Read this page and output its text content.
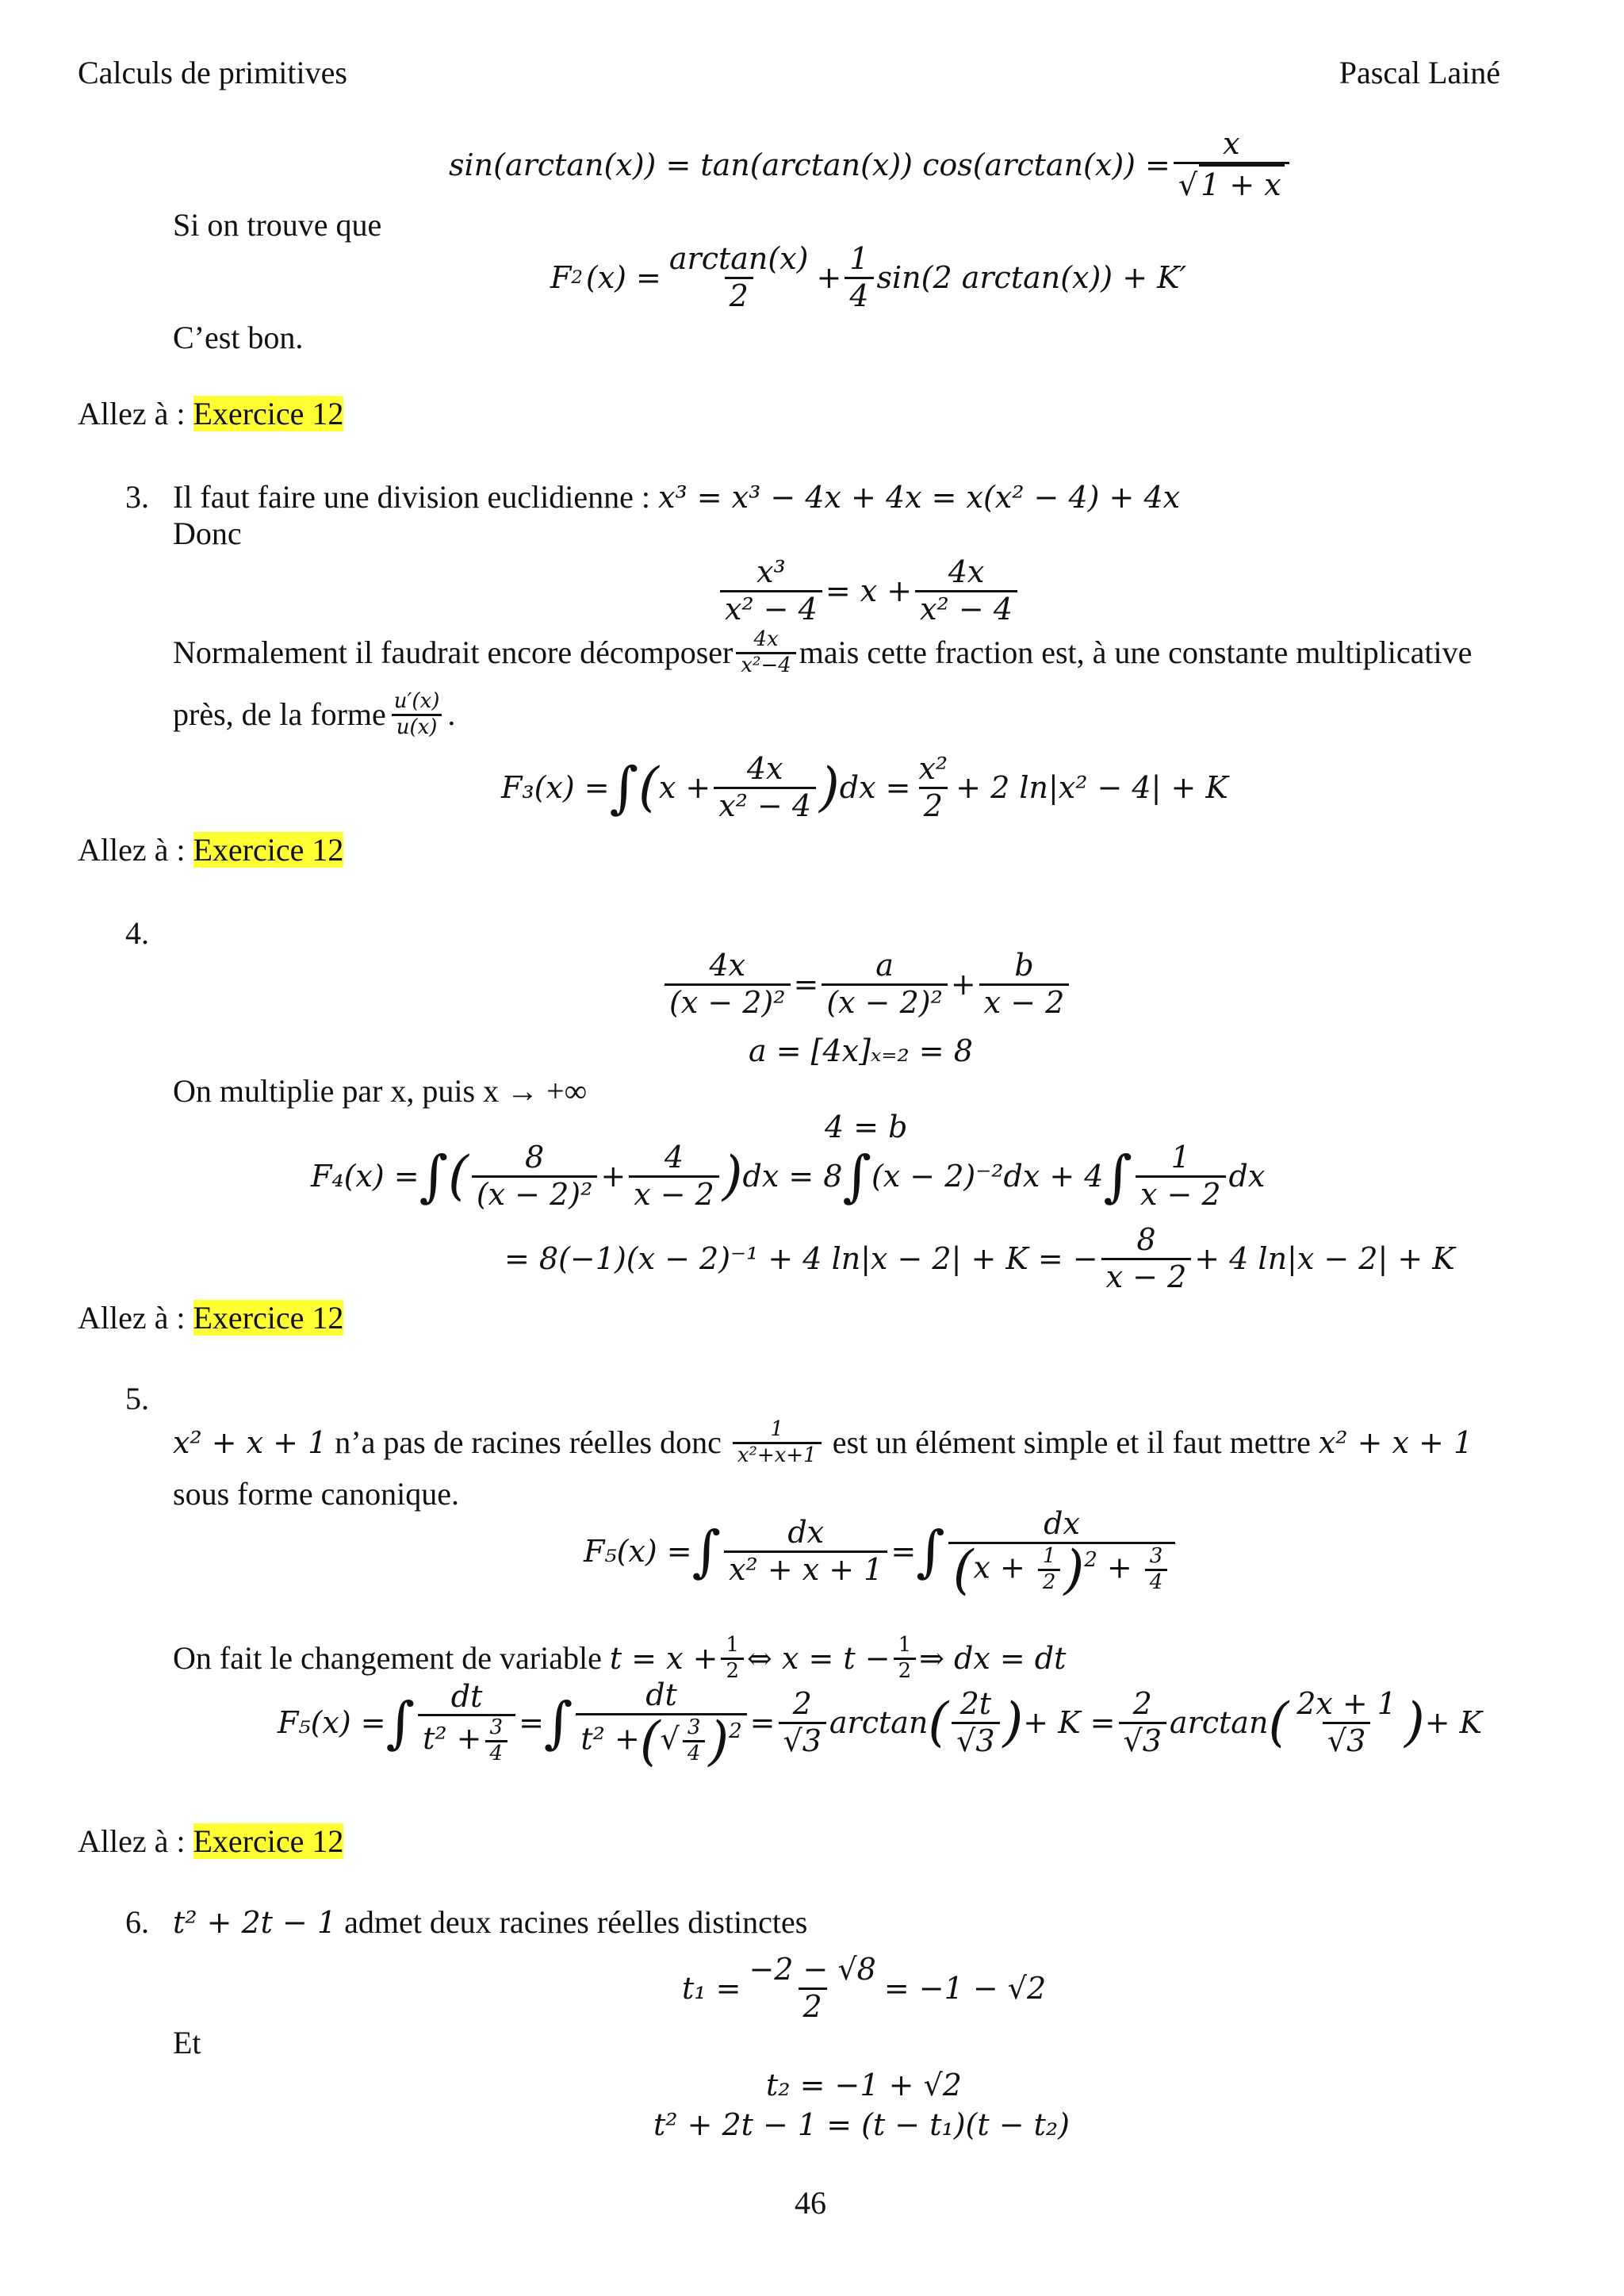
Calculs de primitives	Pascal Lainé
sin(arctan(x)) = tan(arctan(x)) $\cos(\arctan(x)) = \frac{x}{√ 1 + x}$
Si on trouve que
F 2 $(x) = \frac{\arctan(x)}{2} + \frac{1}{4} \sin(2$ arctan(x)) + K′
C’est bon.
Allez à : Exercice 12
3. Il faut faire une division euclidienne : x³ = x³ − 4x + 4x = x(x² − 4) + 4x
Donc
$\frac{\text{x³}}{\text{x² − 4}} = x + \frac{4x}{\text{x² − 4}}$
Normalement il faudrait encore décomposer $\frac{4x}{\text{x²−4}}$ mais cette fraction est, à une constante multiplicative
près, de la forme $\frac{u'(x)}{u(x)}$ .
F₃(x) = ∫ ( $x + \frac{4x}{\text{x² − 4}}$ ) dx = $\frac{\text{x²}}{2} + 2$ ln|x² − 4| + K
Allez à : Exercice 12
4.
$\frac{4x}{\text{(x − 2)²}} = \frac{a}{\text{(x − 2)²}} + \frac{b}{x - 2}$
a = [4x]ₓ₌₂ = 8
On multiplie par x, puis x → +∞
4 = b
F₄(x) = ∫ ( $\frac{8}{\text{(x − 2)²}} + \frac{4}{x - 2}$ ) dx = 8 ∫ (x − 2)⁻²dx + 4 ∫ $\frac{1}{x - 2}$ dx
= 8(−1)(x − 2)⁻¹ + 4 ln|x − 2| + K = − $\frac{8}{x - 2} + 4$ ln|x − 2| + K
Allez à : Exercice 12
5.
x² + x + 1 n’a pas de racines réelles donc $\frac{1}{\text{x²+x+1}}$ est un élément simple et il faut mettre x² + x + 1
sous forme canonique.
F₅(x) = ∫ $\frac{dx}{\text{x² + x + 1}}$ = ∫ $\frac{dx}{(x + \frac{1}{2} )^2 + \frac{3}{4}}$
On fait le changement de variable $t = x + \frac{1}{2}$ ⇔ $x = t - \frac{1}{2}$ ⇒ dx = dt
F₅(x) = ∫ $\frac{dt}{t^2 + \frac{3}{4}}$ = ∫ $\frac{dt}{t^2 +(√ \frac{3}{4} )^2} = \frac{2}{√3}$ arctan ( $\frac{2t}{√3}$ ) + $K = \frac{2}{√3}$ arctan ( $\frac{2x + 1}{√3}$ ) + K
Allez à : Exercice 12
6. t² + 2t − 1 admet deux racines réelles distinctes
$t_1 = \frac{-2 - √8}{2} = -1 - √2$
Et
t₂ = −1 + √2
t² + 2t − 1 = (t − t₁)(t − t₂)
46
